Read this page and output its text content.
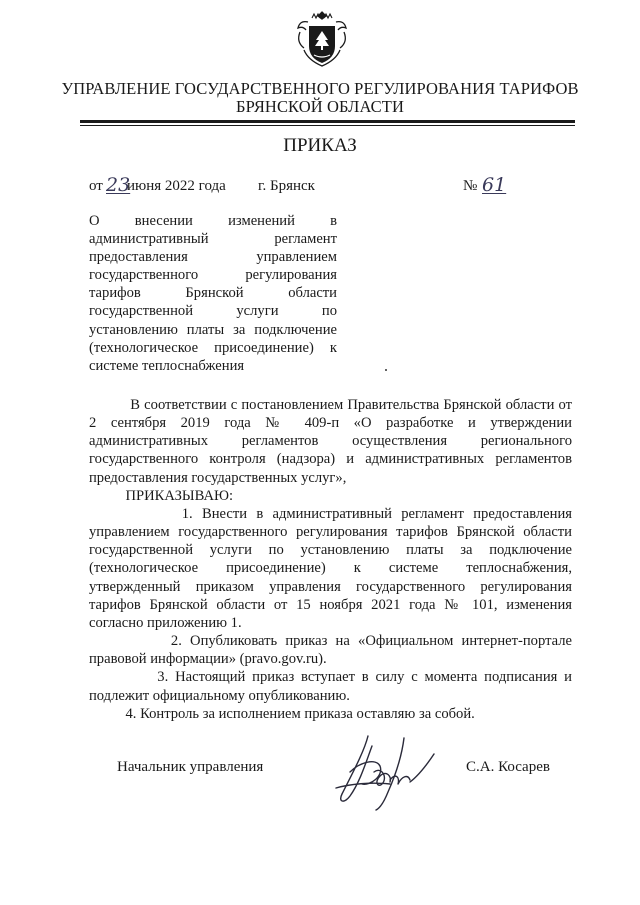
УПРАВЛЕНИЕ ГОСУДАРСТВЕННОГО РЕГУЛИРОВАНИЯ ТАРИФОВ
БРЯНСКОЙ ОБЛАСТИ
ПРИКАЗ
от 23
июня 2022 года г. Брянск	№ 61
О внесении изменений в
административный регламент
предоставления управлением
государственного регулирования
тарифов Брянской области
государственной услуги по
установлению платы за подключение
(технологическое присоединение) к
системе теплоснабжения
В соответствии с постановлением Правительства Брянской области от
2 сентября 2019 года № 409-п «О разработке и утверждении
административных регламентов осуществления регионального
государственного контроля (надзора) и административных регламентов
предоставления государственных услуг»,
ПРИКАЗЫВАЮ:
1. Внести в административный регламент предоставления
управлением государственного регулирования тарифов Брянской области
государственной услуги по установлению платы за подключение
(технологическое присоединение) к системе теплоснабжения,
утвержденный приказом управления государственного регулирования
тарифов Брянской области от 15 ноября 2021 года № 101, изменения
согласно приложению 1.
2. Опубликовать приказ на «Официальном интернет-портале
правовой информации» (pravo.gov.ru).
3. Настоящий приказ вступает в силу с момента подписания и
подлежит официальному опубликованию.
4. Контроль за исполнением приказа оставляю за собой.
Начальник управления	С.А. Косарев
